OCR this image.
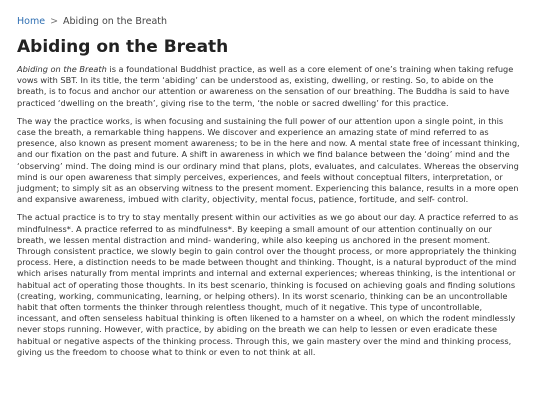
Home > Abiding on the Breath
Abiding on the Breath

Abiding on the Breath is a foundational Buddhist practice, as well as a core element of one’s training when taking refuge vows with SBT. In its title, the term ‘abiding’ can be understood as, existing, dwelling, or resting. So, to abide on the breath, is to focus and anchor our attention or awareness on the sensation of our breathing. The Buddha is said to have practiced ‘dwelling on the breath’, giving rise to the term, ‘the noble or sacred dwelling’ for this practice.

The way the practice works, is when focusing and sustaining the full power of our attention upon a single point, in this case the breath, a remarkable thing happens. We discover and experience an amazing state of mind referred to as presence, also known as present moment awareness; to be in the here and now. A mental state free of incessant thinking, and our fixation on the past and future. A shift in awareness in which we find balance between the ‘doing’ mind and the ‘observing’ mind. The doing mind is our ordinary mind that plans, plots, evaluates, and calculates. Whereas the observing mind is our open awareness that simply perceives, experiences, and feels without conceptual filters, interpretation, or judgment; to simply sit as an observing witness to the present moment. Experiencing this balance, results in a more open and expansive awareness, imbued with clarity, objectivity, mental focus, patience, fortitude, and self- control.

The actual practice is to try to stay mentally present within our activities as we go about our day. A practice referred to as mindfulness*. A practice referred to as mindfulness*. By keeping a small amount of our attention continually on our breath, we lessen mental distraction and mind- wandering, while also keeping us anchored in the present moment. Through consistent practice, we slowly begin to gain control over the thought process, or more appropriately the thinking process. Here, a distinction needs to be made between thought and thinking. Thought, is a natural byproduct of the mind which arises naturally from mental imprints and internal and external experiences; whereas thinking, is the intentional or habitual act of operating those thoughts. In its best scenario, thinking is focused on achieving goals and finding solutions (creating, working, communicating, learning, or helping others). In its worst scenario, thinking can be an uncontrollable habit that often torments the thinker through relentless thought, much of it negative. This type of uncontrollable, incessant, and often senseless habitual thinking is often likened to a hamster on a wheel, on which the rodent mindlessly never stops running. However, with practice, by abiding on the breath we can help to lessen or even eradicate these habitual or negative aspects of the thinking process. Through this, we gain mastery over the mind and thinking process, giving us the freedom to choose what to think or even to not think at all.
